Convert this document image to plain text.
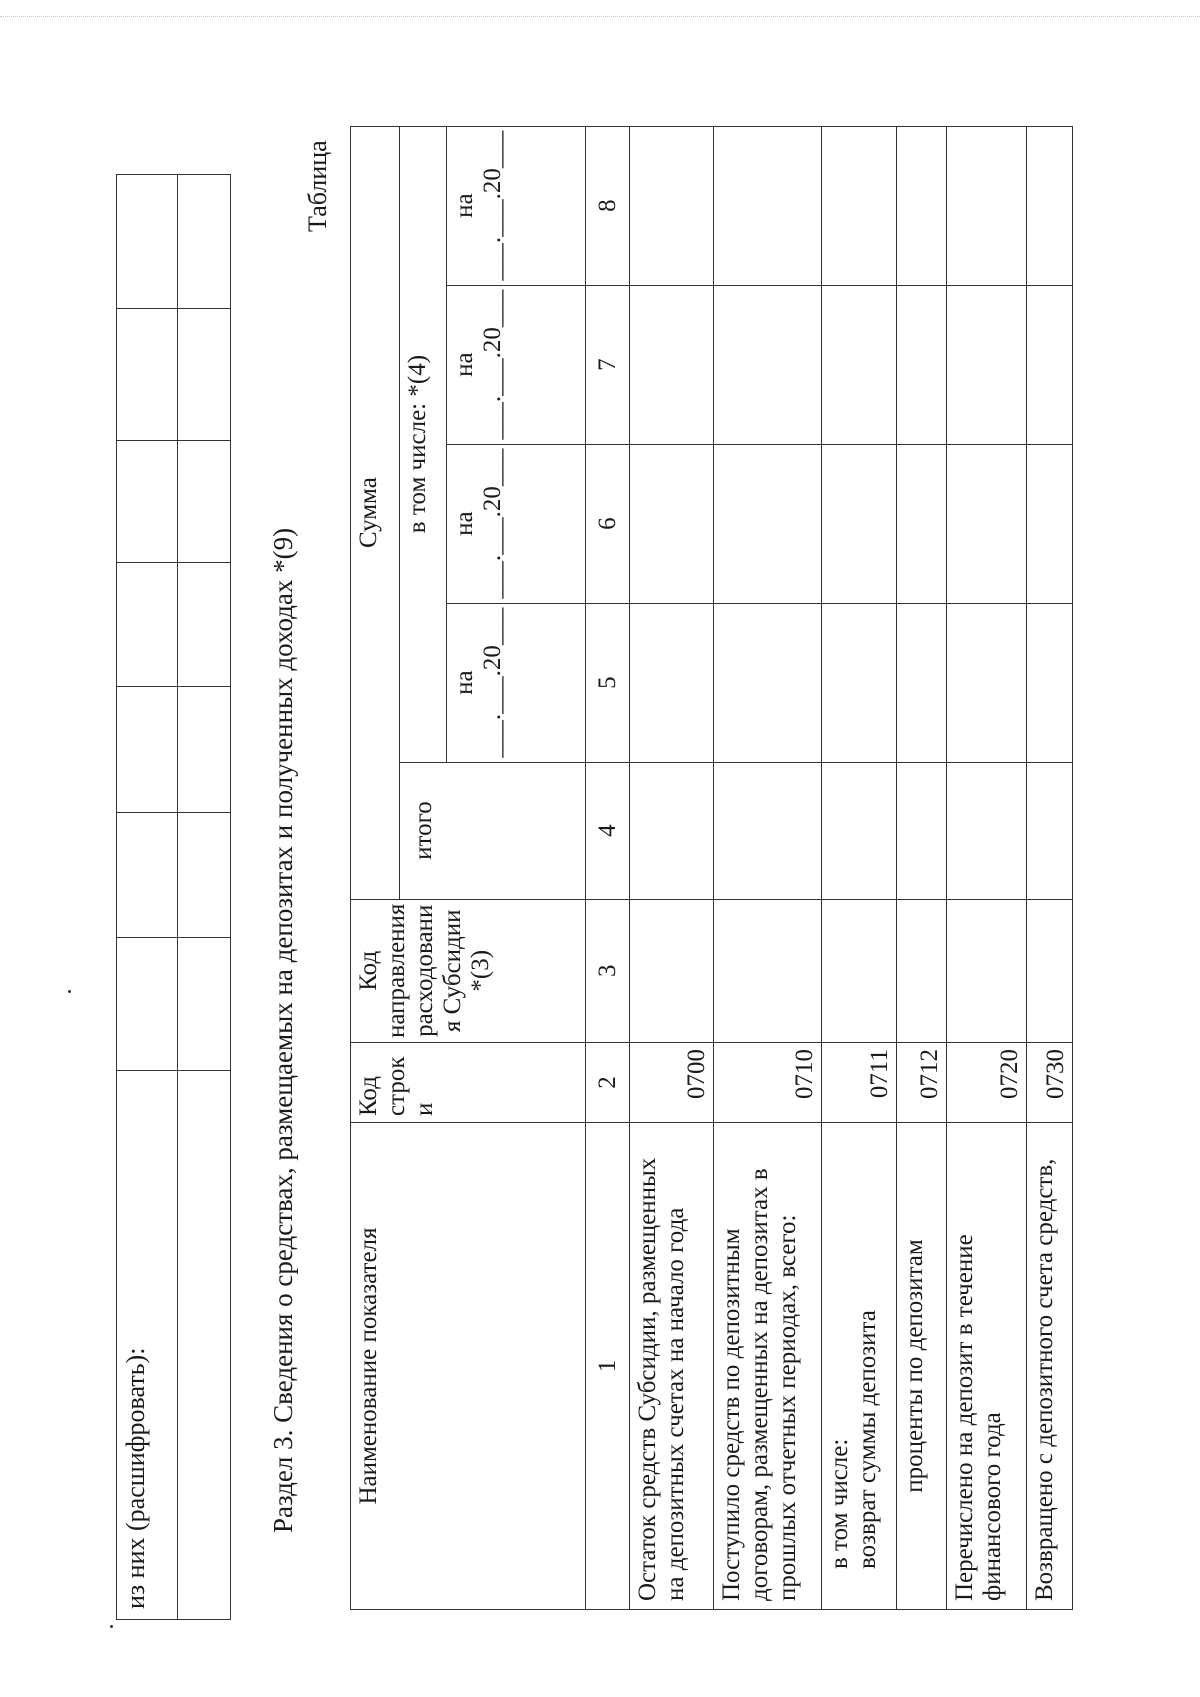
из них (расшифровать):							
								Раздел 3. Сведения о средствах, размещаемых на депозитах и полученных доходах *(9)
Таблица
Наименование показателя	Код строк и	Код направления расходовани я Субсидии *(3)	Сумма				
			итого	в том числе: *(4)			
				на ___.___.20___	на ___.___.20___	на ___.___.20___	на ___.___.20___
1	2	3	4	5	6	7	8
Остаток средств Субсидии, размещенных на депозитных счетах на начало года	0700						
Поступило средств по депозитным договорам, размещенных на депозитах в прошлых отчетных периодах, всего:	0710						

в том числе: возврат суммы депозита	0711						
проценты по депозитам	0712						
Перечислено на депозит в течение финансового года	0720						
Возвращено с депозитного счета средств,	0730						
